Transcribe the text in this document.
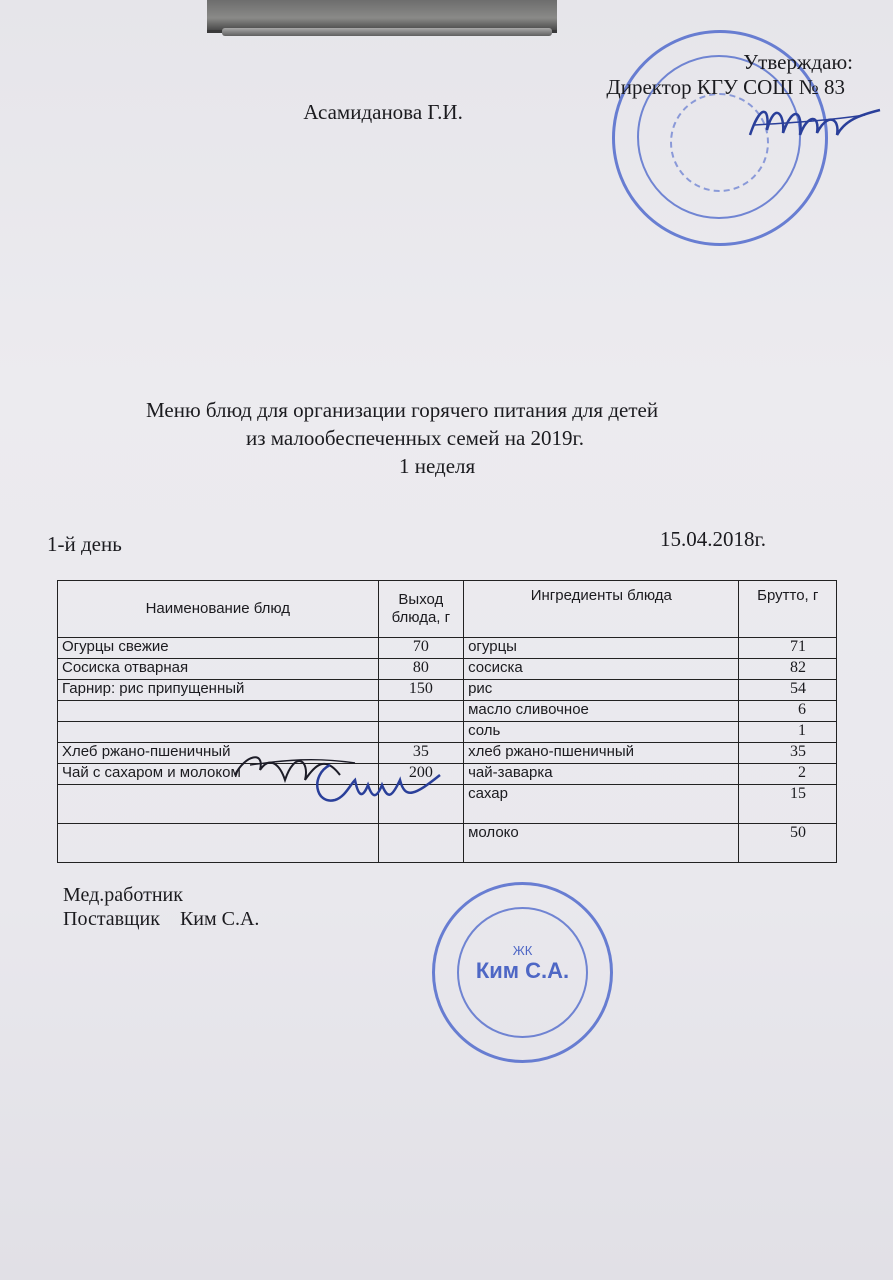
Утверждаю:
Директор КГУ СОШ № 83
Асамиданова Г.И.
Меню блюд для организации горячего питания для детей
из малообеспеченных семей на 2019г.
1 неделя
1-й день	15.04.2018г.
Наименование блюд	Выход блюда, г	Ингредиенты блюда	Брутто, г
Огурцы свежие	70	огурцы	71
Сосиска отварная	80	сосиска	82
Гарнир: рис припущенный	150	рис	54
		масло сливочное	6
		соль	1
Хлеб ржано-пшеничный	35	хлеб ржано-пшеничный	35
Чай с сахаром и молоком	200	чай-заварка	2
		сахар	15
		молоко	50
ЖК
Ким С.А.
Мед.работник
Поставщик    Ким С.А.
